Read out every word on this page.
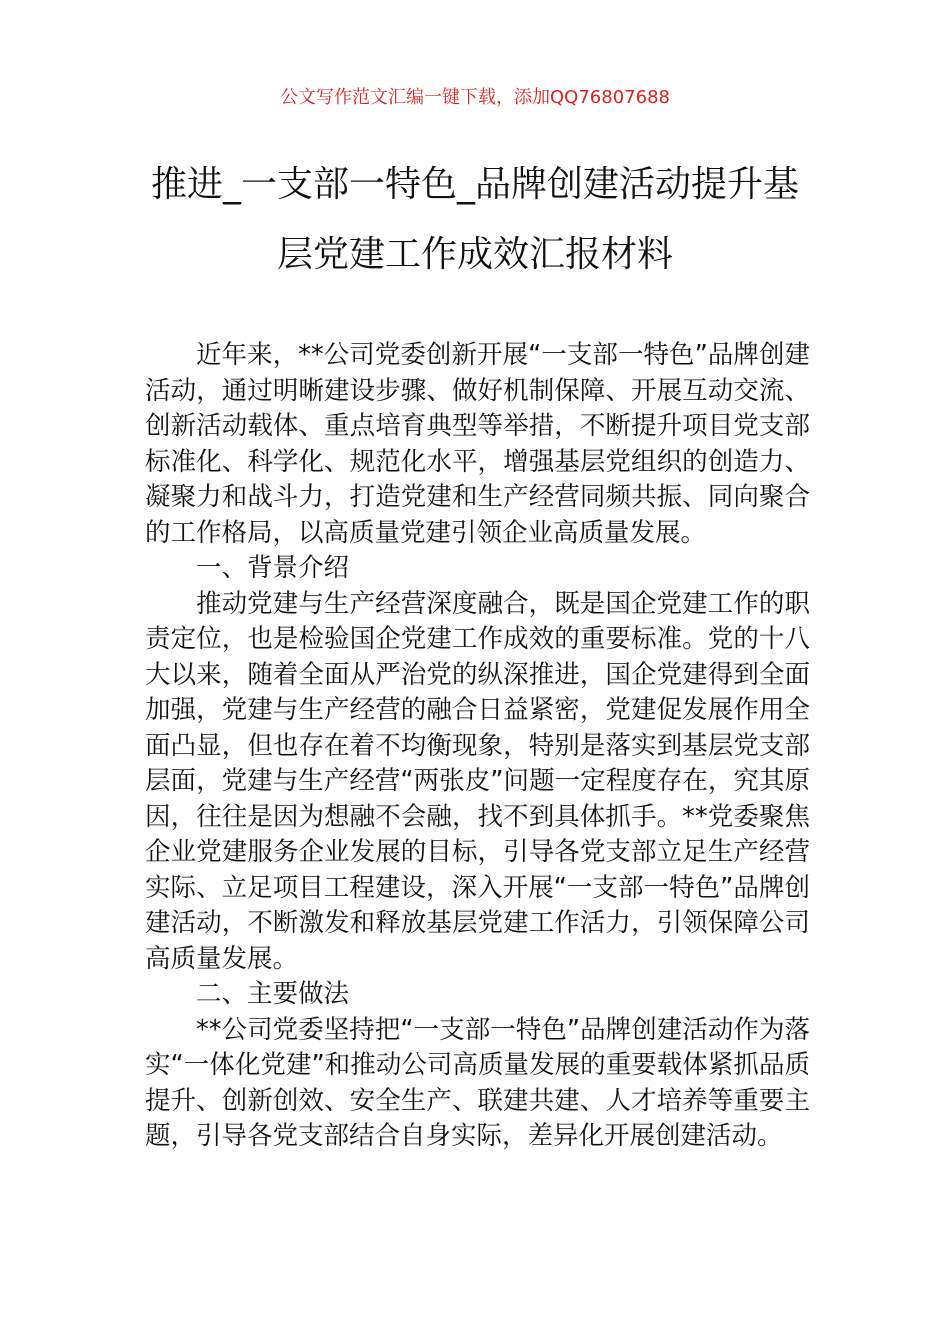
公文写作范文汇编一键下载，添加QQ76807688
推进_一支部一特色_品牌创建活动提升基
层党建工作成效汇报材料

近年来，**公司党委创新开展“一支部一特色”品牌创建活动，通过明晰建设步骤、做好机制保障、开展互动交流、创新活动载体、重点培育典型等举措，不断提升项目党支部标准化、科学化、规范化水平，增强基层党组织的创造力、凝聚力和战斗力，打造党建和生产经营同频共振、同向聚合的工作格局，以高质量党建引领企业高质量发展。

一、背景介绍

推动党建与生产经营深度融合，既是国企党建工作的职责定位，也是检验国企党建工作成效的重要标准。党的十八大以来，随着全面从严治党的纵深推进，国企党建得到全面加强，党建与生产经营的融合日益紧密，党建促发展作用全面凸显，但也存在着不均衡现象，特别是落实到基层党支部层面，党建与生产经营“两张皮”问题一定程度存在，究其原因，往往是因为想融不会融，找不到具体抓手。**党委聚焦企业党建服务企业发展的目标，引导各党支部立足生产经营实际、立足项目工程建设，深入开展“一支部一特色”品牌创建活动，不断激发和释放基层党建工作活力，引领保障公司高质量发展。

二、主要做法

**公司党委坚持把“一支部一特色”品牌创建活动作为落实“一体化党建”和推动公司高质量发展的重要载体紧抓品质提升、创新创效、安全生产、联建共建、人才培养等重要主题，引导各党支部结合自身实际，差异化开展创建活动。
